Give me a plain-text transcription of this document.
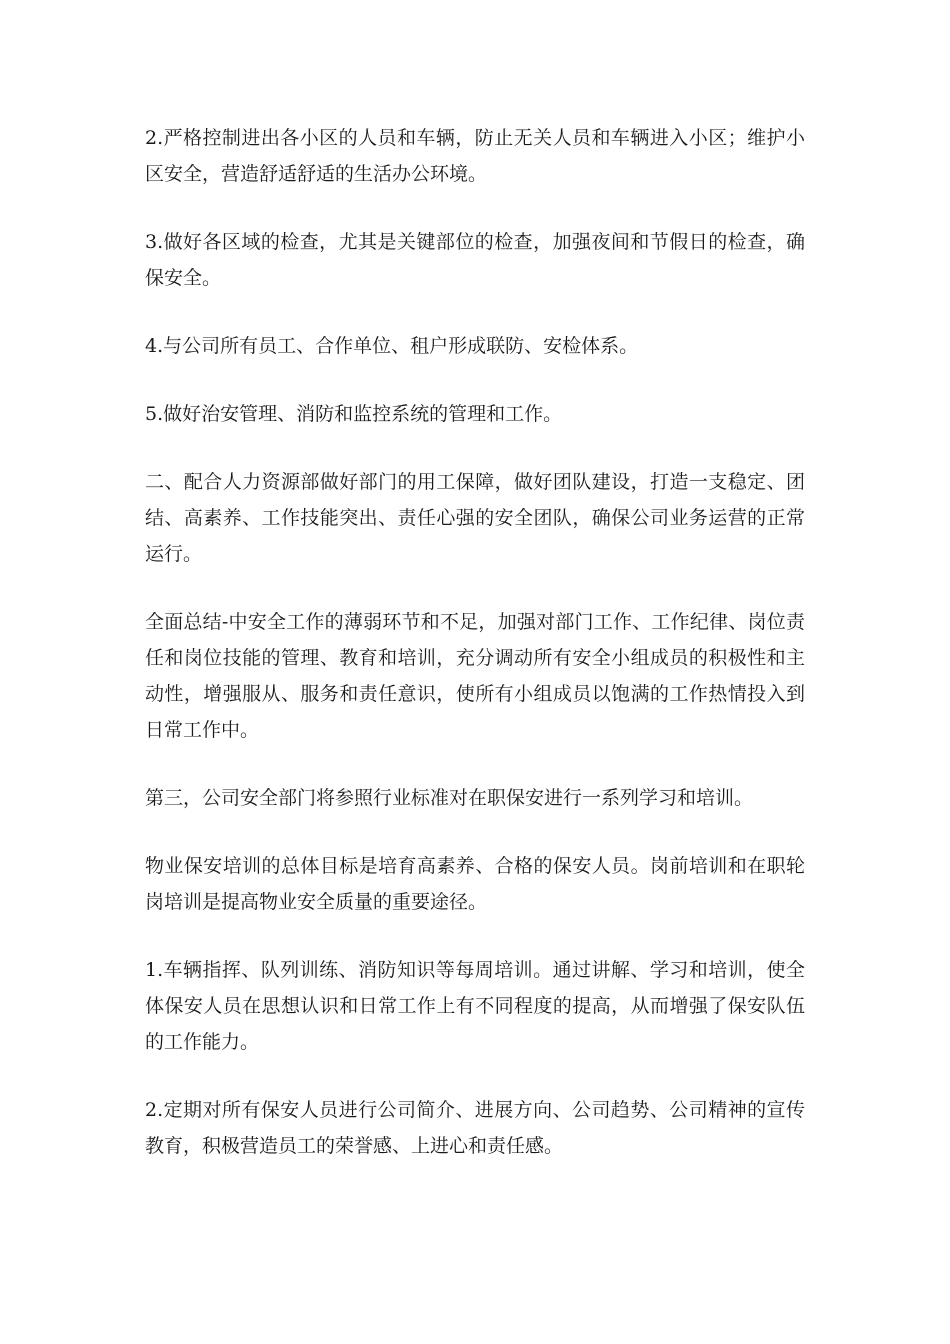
2.严格控制进出各小区的人员和车辆，防止无关人员和车辆进入小区；维护小区安全，营造舒适舒适的生活办公环境。

3.做好各区域的检查，尤其是关键部位的检查，加强夜间和节假日的检查，确保安全。

4.与公司所有员工、合作单位、租户形成联防、安检体系。

5.做好治安管理、消防和监控系统的管理和工作。

二、配合人力资源部做好部门的用工保障，做好团队建设，打造一支稳定、团结、高素养、工作技能突出、责任心强的安全团队，确保公司业务运营的正常运行。

全面总结-中安全工作的薄弱环节和不足，加强对部门工作、工作纪律、岗位责任和岗位技能的管理、教育和培训，充分调动所有安全小组成员的积极性和主动性，增强服从、服务和责任意识，使所有小组成员以饱满的工作热情投入到日常工作中。

第三，公司安全部门将参照行业标准对在职保安进行一系列学习和培训。

物业保安培训的总体目标是培育高素养、合格的保安人员。岗前培训和在职轮岗培训是提高物业安全质量的重要途径。

1.车辆指挥、队列训练、消防知识等每周培训。通过讲解、学习和培训，使全体保安人员在思想认识和日常工作上有不同程度的提高，从而增强了保安队伍的工作能力。

2.定期对所有保安人员进行公司简介、进展方向、公司趋势、公司精神的宣传教育，积极营造员工的荣誉感、上进心和责任感。
